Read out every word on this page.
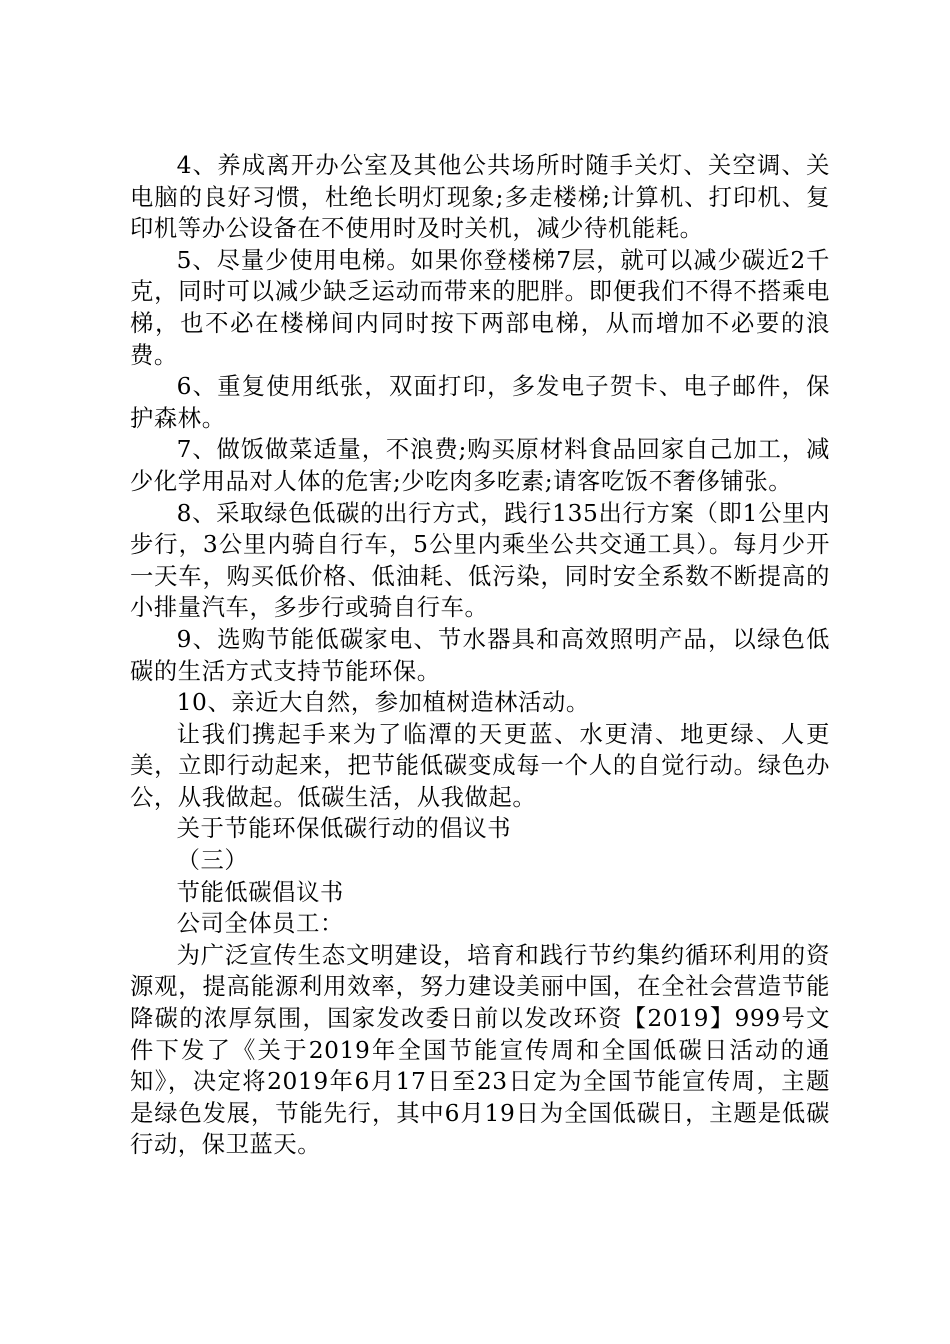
4、养成离开办公室及其他公共场所时随手关灯、关空调、关电脑的良好习惯，杜绝长明灯现象;多走楼梯;计算机、打印机、复印机等办公设备在不使用时及时关机，减少待机能耗。

5、尽量少使用电梯。如果你登楼梯7层，就可以减少碳近2千克，同时可以减少缺乏运动而带来的肥胖。即便我们不得不搭乘电梯，也不必在楼梯间内同时按下两部电梯，从而增加不必要的浪费。

6、重复使用纸张，双面打印，多发电子贺卡、电子邮件，保护森林。

7、做饭做菜适量，不浪费;购买原材料食品回家自己加工，减少化学用品对人体的危害;少吃肉多吃素;请客吃饭不奢侈铺张。

8、采取绿色低碳的出行方式，践行135出行方案（即1公里内步行，3公里内骑自行车，5公里内乘坐公共交通工具）。每月少开一天车，购买低价格、低油耗、低污染，同时安全系数不断提高的小排量汽车，多步行或骑自行车。

9、选购节能低碳家电、节水器具和高效照明产品，以绿色低碳的生活方式支持节能环保。

10、亲近大自然，参加植树造林活动。

让我们携起手来为了临潭的天更蓝、水更清、地更绿、人更美，立即行动起来，把节能低碳变成每一个人的自觉行动。绿色办公，从我做起。低碳生活，从我做起。

关于节能环保低碳行动的倡议书

（三）

节能低碳倡议书

公司全体员工：

为广泛宣传生态文明建设，培育和践行节约集约循环利用的资源观，提高能源利用效率，努力建设美丽中国，在全社会营造节能降碳的浓厚氛围，国家发改委日前以发改环资【2019】999号文件下发了《关于2019年全国节能宣传周和全国低碳日活动的通知》，决定将2019年6月17日至23日定为全国节能宣传周，主题是绿色发展，节能先行，其中6月19日为全国低碳日，主题是低碳行动，保卫蓝天。
